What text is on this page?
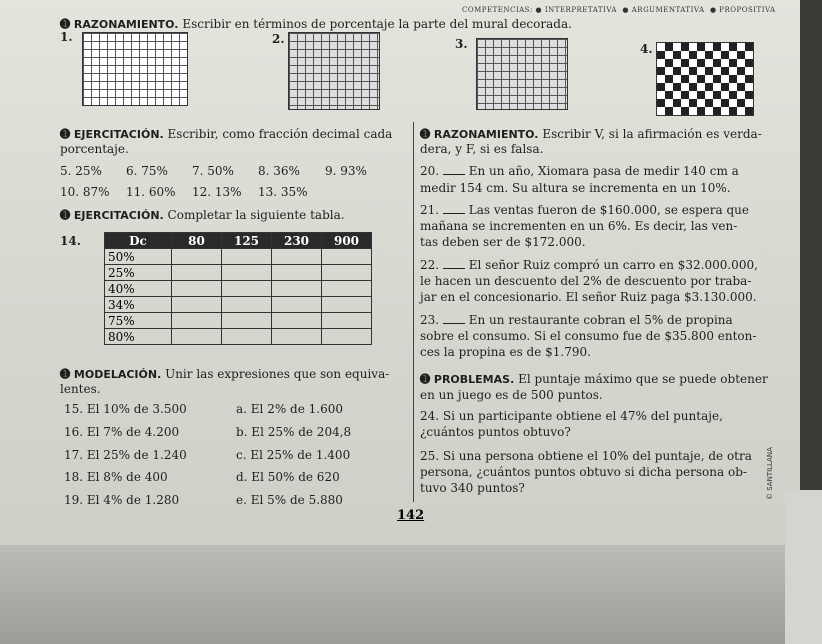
COMPETENCIAS: ● INTERPRETATIVA  ● ARGUMENTATIVA  ● PROPOSITIVA
➊ RAZONAMIENTO. Escribir en términos de porcentaje la parte del mural decorada.
1.	2.	3.	4.
➊ EJERCITACIÓN. Escribir, como fracción decimal cada
porcentaje.
5. 25% 6. 75% 7. 50% 8. 36% 9. 93%
10. 87% 11. 60% 12. 13% 13. 35%
➊ EJERCITACIÓN. Completar la siguiente tabla.
14.	Dc	80	125	230	900
50%				
25%				
40%				
34%				
75%				
80%				
➊ MODELACIÓN. Unir las expresiones que son equiva-
lentes.
15. El 10% de 3.500
16. El 7% de 4.200
17. El 25% de 1.240
18. El 8% de 400
19. El 4% de 1.280
a. El 2% de 1.600
b. El 25% de 204,8
c. El 25% de 1.400
d. El 50% de 620
e. El 5% de 5.880
➊ RAZONAMIENTO. Escribir V, si la afirmación es verda-
dera, y F, si es falsa.
20. En un año, Xiomara pasa de medir 140 cm a
medir 154 cm. Su altura se incrementa en un 10%.
21. Las ventas fueron de $160.000, se espera que
mañana se incrementen en un 6%. Es decir, las ven-
tas deben ser de $172.000.
22. El señor Ruiz compró un carro en $32.000.000,
le hacen un descuento del 2% de descuento por traba-
jar en el concesionario. El señor Ruiz paga $3.130.000.
23. En un restaurante cobran el 5% de propina
sobre el consumo. Si el consumo fue de $35.800 enton-
ces la propina es de $1.790.
➊ PROBLEMAS. El puntaje máximo que se puede obtener
en un juego es de 500 puntos.
24. Si un participante obtiene el 47% del puntaje,
¿cuántos puntos obtuvo?
25. Si una persona obtiene el 10% del puntaje, de otra
persona, ¿cuántos puntos obtuvo si dicha persona ob-
tuvo 340 puntos?	© SANTILLANA
142
